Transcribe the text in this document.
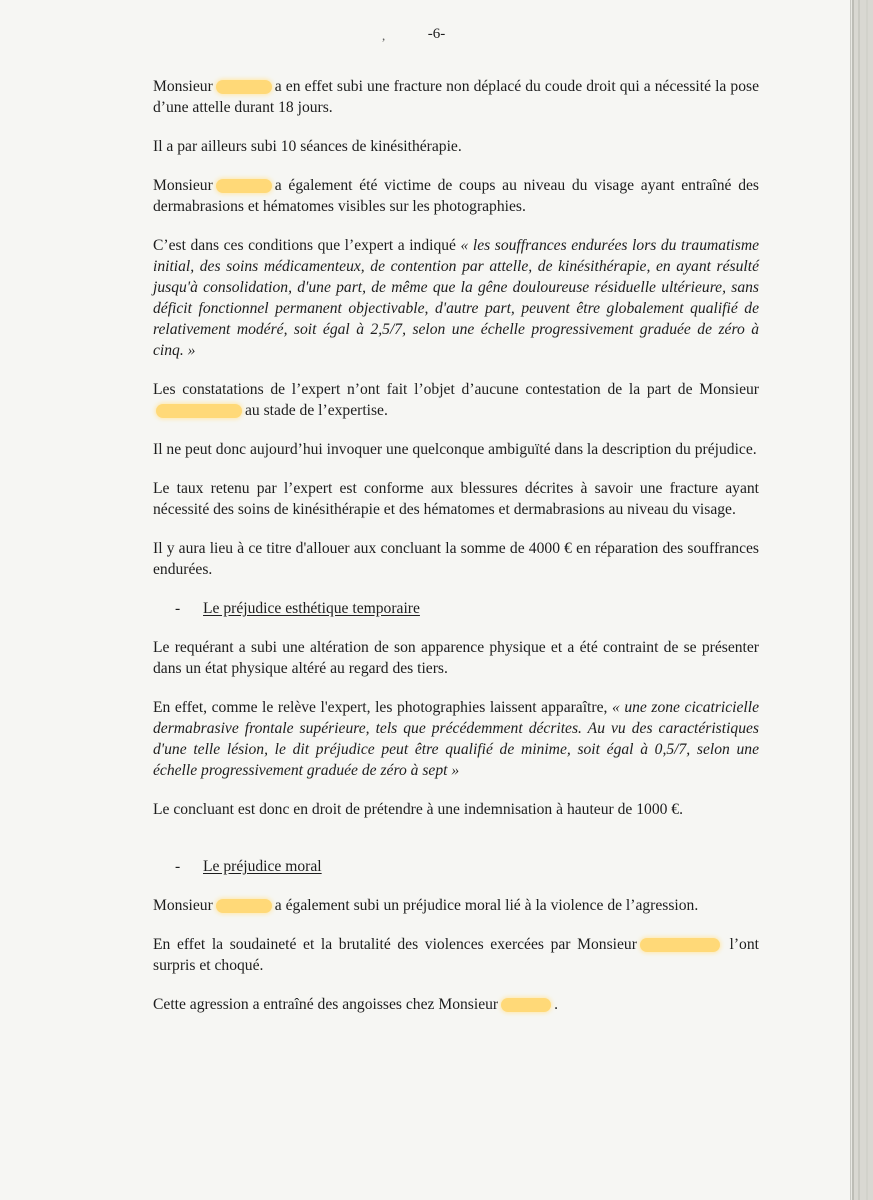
,	-6-

Monsieur	a en effet subi une fracture non déplacé du coude droit qui a nécessité la pose d’une attelle durant 18 jours.

Il a par ailleurs subi 10 séances de kinésithérapie.

Monsieur	a également été victime de coups au niveau du visage ayant entraîné des dermabrasions et hématomes visibles sur les photographies.

C’est dans ces conditions que l’expert a indiqué « les souffrances endurées lors du traumatisme initial, des soins médicamenteux, de contention par attelle, de kinésithérapie, en ayant résulté jusqu'à consolidation, d'une part, de même que la gêne douloureuse résiduelle ultérieure, sans déficit fonctionnel permanent objectivable, d'autre part, peuvent être globalement qualifié de relativement modéré, soit égal à 2,5/7, selon une échelle progressivement graduée de zéro à cinq. »

Les constatations de l’expert n’ont fait l’objet d’aucune contestation de la part de Monsieurau stade de l’expertise.

Il ne peut donc aujourd’hui invoquer une quelconque ambiguïté dans la description du préjudice.

Le taux retenu par l’expert est conforme aux blessures décrites à savoir une fracture ayant nécessité des soins de kinésithérapie et des hématomes et dermabrasions au niveau du visage.

Il y aura lieu à ce titre d'allouer aux concluant la somme de 4000 € en réparation des souffrances endurées.

-	Le préjudice esthétique temporaire

Le requérant a subi une altération de son apparence physique et a été contraint de se présenter dans un état physique altéré au regard des tiers.

En effet, comme le relève l'expert, les photographies laissent apparaître, « une zone cicatricielle dermabrasive frontale supérieure, tels que précédemment décrites. Au vu des caractéristiques d'une telle lésion, le dit préjudice peut être qualifié de minime, soit égal à 0,5/7, selon une échelle progressivement graduée de zéro à sept »

Le concluant est donc en droit de prétendre à une indemnisation à hauteur de 1000 €.

-	Le préjudice moral

Monsieur	a également subi un préjudice moral lié à la violence de l’agression.

En effet la soudaineté et la brutalité des violences exercées par Monsieur	l’ont surpris et choqué.

Cette agression a entraîné des angoisses chez Monsieur	.
